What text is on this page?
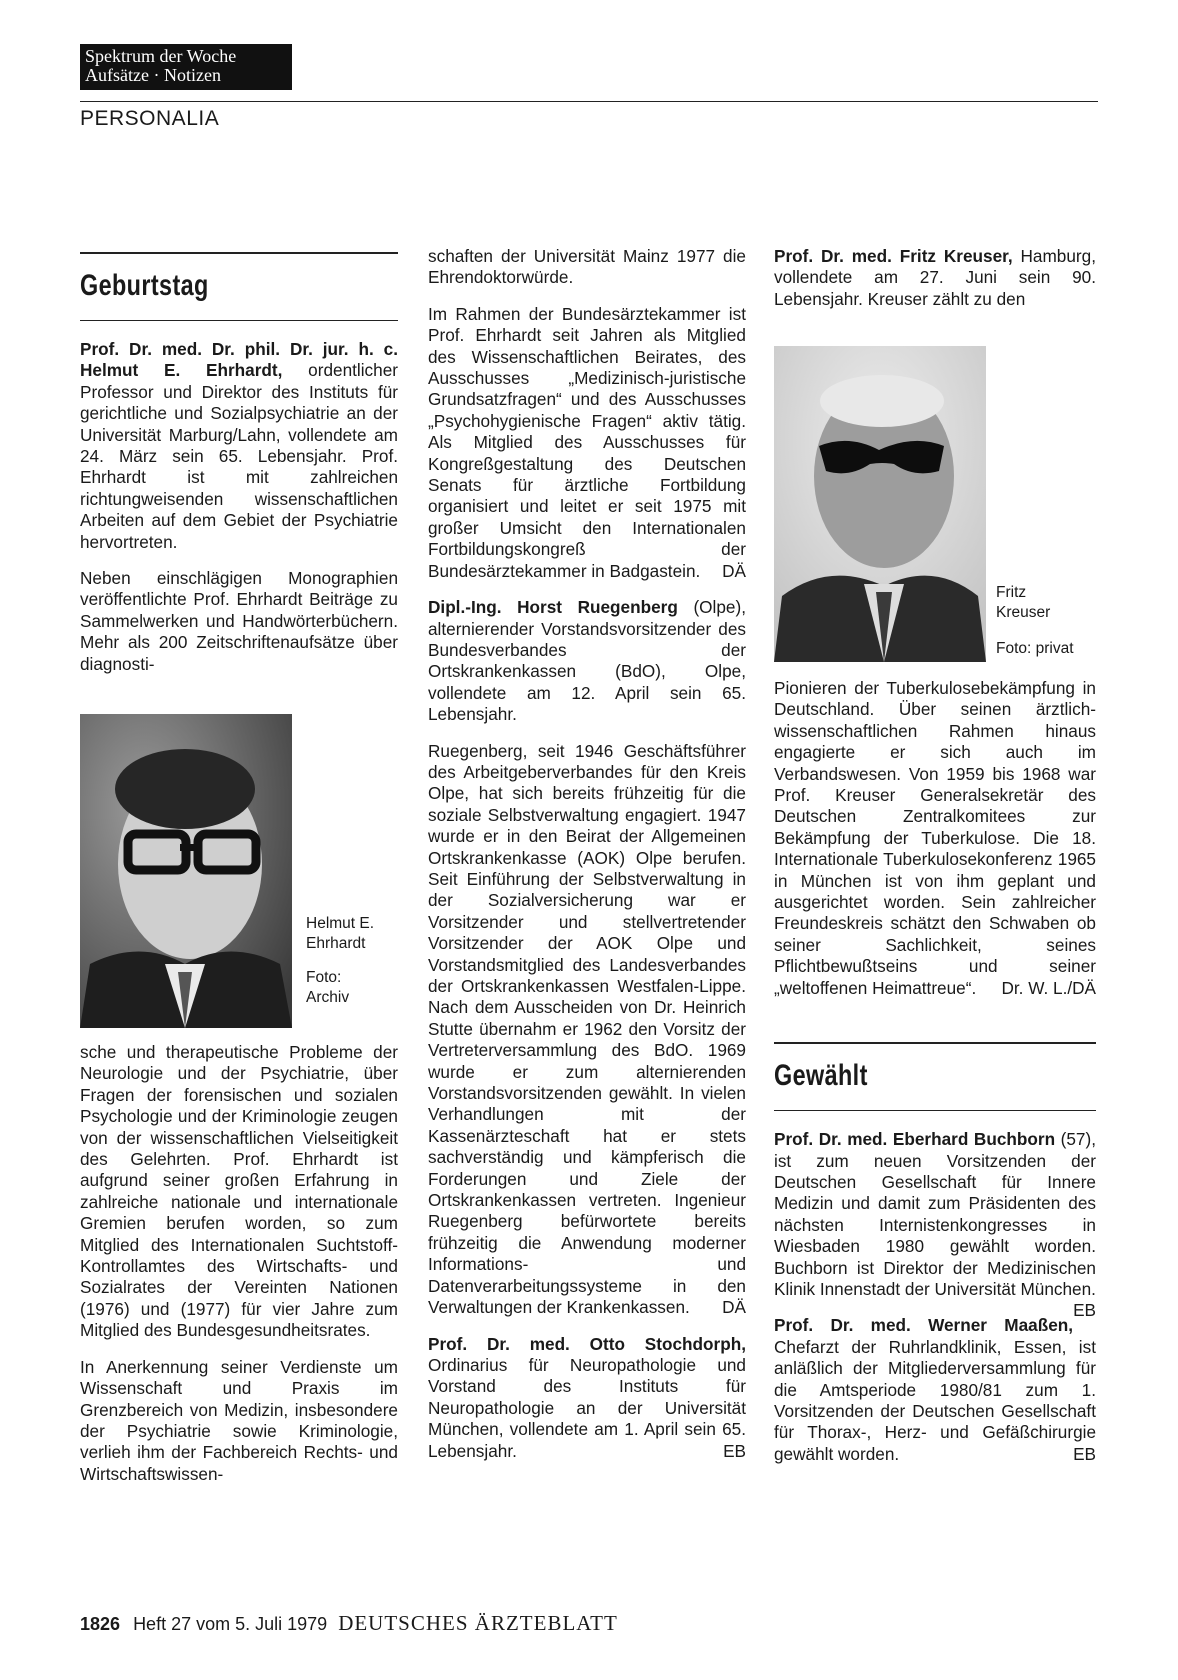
Spektrum der Woche
Aufsätze · Notizen
PERSONALIA
Geburtstag

Prof. Dr. med. Dr. phil. Dr. jur. h. c. Helmut E. Ehrhardt, ordentlicher Professor und Direktor des Instituts für gerichtliche und Sozialpsychiatrie an der Universität Marburg/Lahn, vollendete am 24. März sein 65. Lebensjahr. Prof. Ehrhardt ist mit zahlreichen richtungweisenden wissenschaftlichen Arbeiten auf dem Gebiet der Psychiatrie hervortreten.

Neben einschlägigen Monographien veröffentlichte Prof. Ehrhardt Beiträge zu Sammelwerken und Handwörterbüchern. Mehr als 200 Zeitschriftenaufsätze über diagnosti-

Helmut E.
Ehrhardt
Foto:
Archiv

sche und therapeutische Probleme der Neurologie und der Psychiatrie, über Fragen der forensischen und sozialen Psychologie und der Kriminologie zeugen von der wissenschaftlichen Vielseitigkeit des Gelehrten. Prof. Ehrhardt ist aufgrund seiner großen Erfahrung in zahlreiche nationale und internationale Gremien berufen worden, so zum Mitglied des Internationalen Suchtstoff-Kontrollamtes des Wirtschafts- und Sozialrates der Vereinten Nationen (1976) und (1977) für vier Jahre zum Mitglied des Bundesgesundheitsrates.

In Anerkennung seiner Verdienste um Wissenschaft und Praxis im Grenzbereich von Medizin, insbesondere der Psychiatrie sowie Kriminologie, verlieh ihm der Fachbereich Rechts- und Wirtschaftswissen-

schaften der Universität Mainz 1977 die Ehrendoktorwürde.

Im Rahmen der Bundesärztekammer ist Prof. Ehrhardt seit Jahren als Mitglied des Wissenschaftlichen Beirates, des Ausschusses „Medizinisch-juristische Grundsatzfragen“ und des Ausschusses „Psychohygienische Fragen“ aktiv tätig. Als Mitglied des Ausschusses für Kongreßgestaltung des Deutschen Senats für ärztliche Fortbildung organisiert und leitet er seit 1975 mit großer Umsicht den Internationalen Fortbildungskongreß der Bundesärztekammer in Badgastein. DÄ

Dipl.-Ing. Horst Ruegenberg (Olpe), alternierender Vorstandsvorsitzender des Bundesverbandes der Ortskrankenkassen (BdO), Olpe, vollendete am 12. April sein 65. Lebensjahr.

Ruegenberg, seit 1946 Geschäftsführer des Arbeitgeberverbandes für den Kreis Olpe, hat sich bereits frühzeitig für die soziale Selbstverwaltung engagiert. 1947 wurde er in den Beirat der Allgemeinen Ortskrankenkasse (AOK) Olpe berufen. Seit Einführung der Selbstverwaltung in der Sozialversicherung war er Vorsitzender und stellvertretender Vorsitzender der AOK Olpe und Vorstandsmitglied des Landesverbandes der Ortskrankenkassen Westfalen-Lippe. Nach dem Ausscheiden von Dr. Heinrich Stutte übernahm er 1962 den Vorsitz der Vertreterversammlung des BdO. 1969 wurde er zum alternierenden Vorstandsvorsitzenden gewählt. In vielen Verhandlungen mit der Kassenärzteschaft hat er stets sachverständig und kämpferisch die Forderungen und Ziele der Ortskrankenkassen vertreten. Ingenieur Ruegenberg befürwortete bereits frühzeitig die Anwendung moderner Informations- und Datenverarbeitungssysteme in den Verwaltungen der Krankenkassen. DÄ

Prof. Dr. med. Otto Stochdorph, Ordinarius für Neuropathologie und Vorstand des Instituts für Neuropathologie an der Universität München, vollendete am 1. April sein 65. Lebensjahr.	EB

Prof. Dr. med. Fritz Kreuser, Hamburg, vollendete am 27. Juni sein 90. Lebensjahr. Kreuser zählt zu den

Fritz
Kreuser
Foto: privat

Pionieren der Tuberkulosebekämpfung in Deutschland. Über seinen ärztlich-wissenschaftlichen Rahmen hinaus engagierte er sich auch im Verbandswesen. Von 1959 bis 1968 war Prof. Kreuser Generalsekretär des Deutschen Zentralkomitees zur Bekämpfung der Tuberkulose. Die 18. Internationale Tuberkulosekonferenz 1965 in München ist von ihm geplant und ausgerichtet worden. Sein zahlreicher Freundeskreis schätzt den Schwaben ob seiner Sachlichkeit, seines Pflichtbewußtseins und seiner „weltoffenen Heimattreue“. Dr. W. L./DÄ

Gewählt

Prof. Dr. med. Eberhard Buchborn (57), ist zum neuen Vorsitzenden der Deutschen Gesellschaft für Innere Medizin und damit zum Präsidenten des nächsten Internistenkongresses in Wiesbaden 1980 gewählt worden. Buchborn ist Direktor der Medizinischen Klinik Innenstadt der Universität München.
EB

Prof. Dr. med. Werner Maaßen, Chefarzt der Ruhrlandklinik, Essen, ist anläßlich der Mitgliederversammlung für die Amtsperiode 1980/81 zum 1. Vorsitzenden der Deutschen Gesellschaft für Thorax-, Herz- und Gefäßchirurgie gewählt worden.	EB

1826 Heft 27 vom 5. Juli 1979 DEUTSCHES ÄRZTEBLATT
